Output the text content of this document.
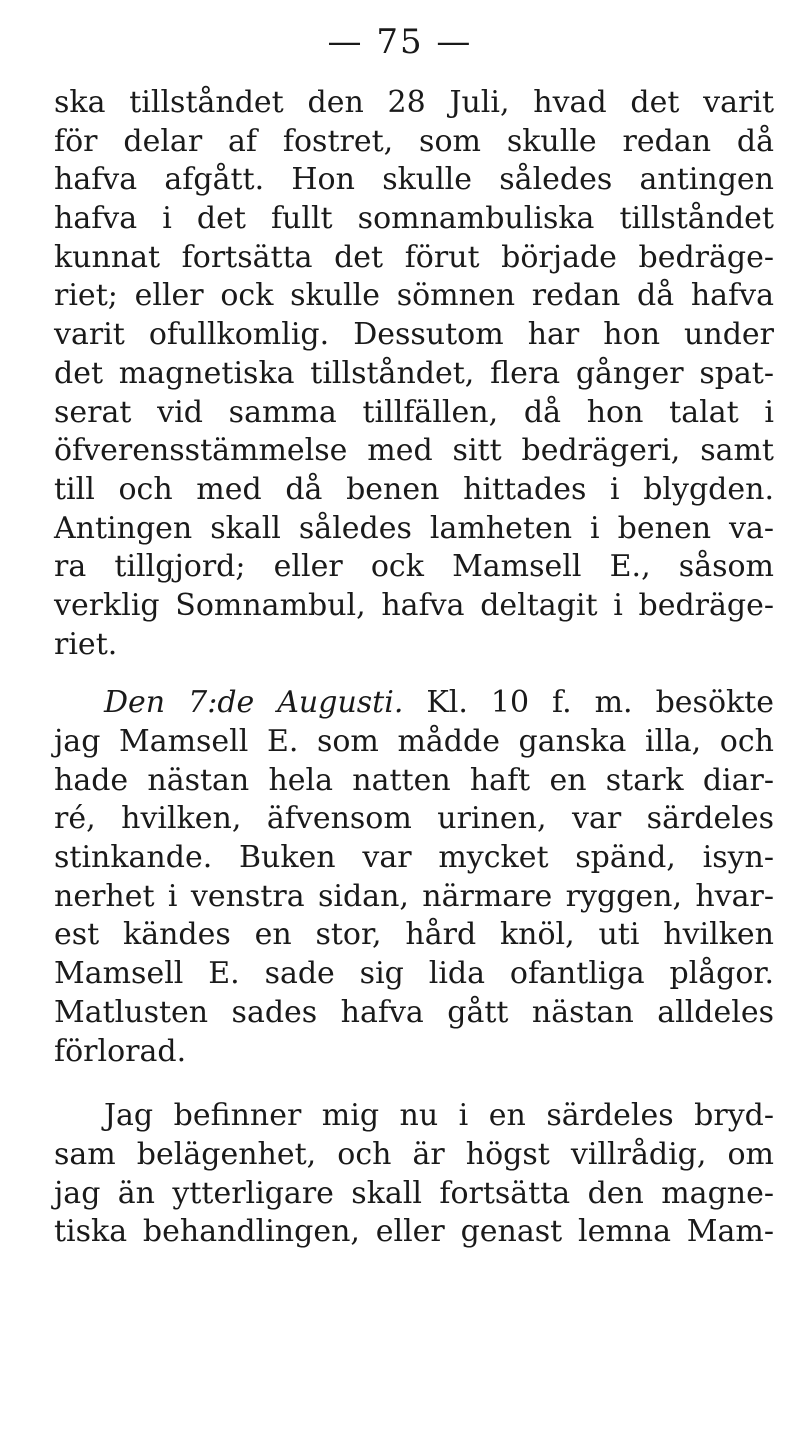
— 75 —
ska tillståndet den 28 Juli, hvad det varit
för delar af fostret, som skulle redan då
hafva afgått. Hon skulle således antingen
hafva i det fullt somnambuliska tillståndet
kunnat fortsätta det förut började bedräge-
riet; eller ock skulle sömnen redan då hafva
varit ofullkomlig. Dessutom har hon under
det magnetiska tillståndet, flera gånger spat-
serat vid samma tillfällen, då hon talat i
öfverensstämmelse med sitt bedrägeri, samt
till och med då benen hittades i blygden.
Antingen skall således lamheten i benen va-
ra tillgjord; eller ock Mamsell E., såsom
verklig Somnambul, hafva deltagit i bedräge-
riet.
Den 7:de Augusti. Kl. 10 f. m. besökte
jag Mamsell E. som mådde ganska illa, och
hade nästan hela natten haft en stark diar-
ré, hvilken, äfvensom urinen, var särdeles
stinkande. Buken var mycket spänd, isyn-
nerhet i venstra sidan, närmare ryggen, hvar-
est kändes en stor, hård knöl, uti hvilken
Mamsell E. sade sig lida ofantliga plågor.
Matlusten sades hafva gått nästan alldeles
förlorad.
Jag befinner mig nu i en särdeles bryd-
sam belägenhet, och är högst villrådig, om
jag än ytterligare skall fortsätta den magne-
tiska behandlingen, eller genast lemna Mam-
